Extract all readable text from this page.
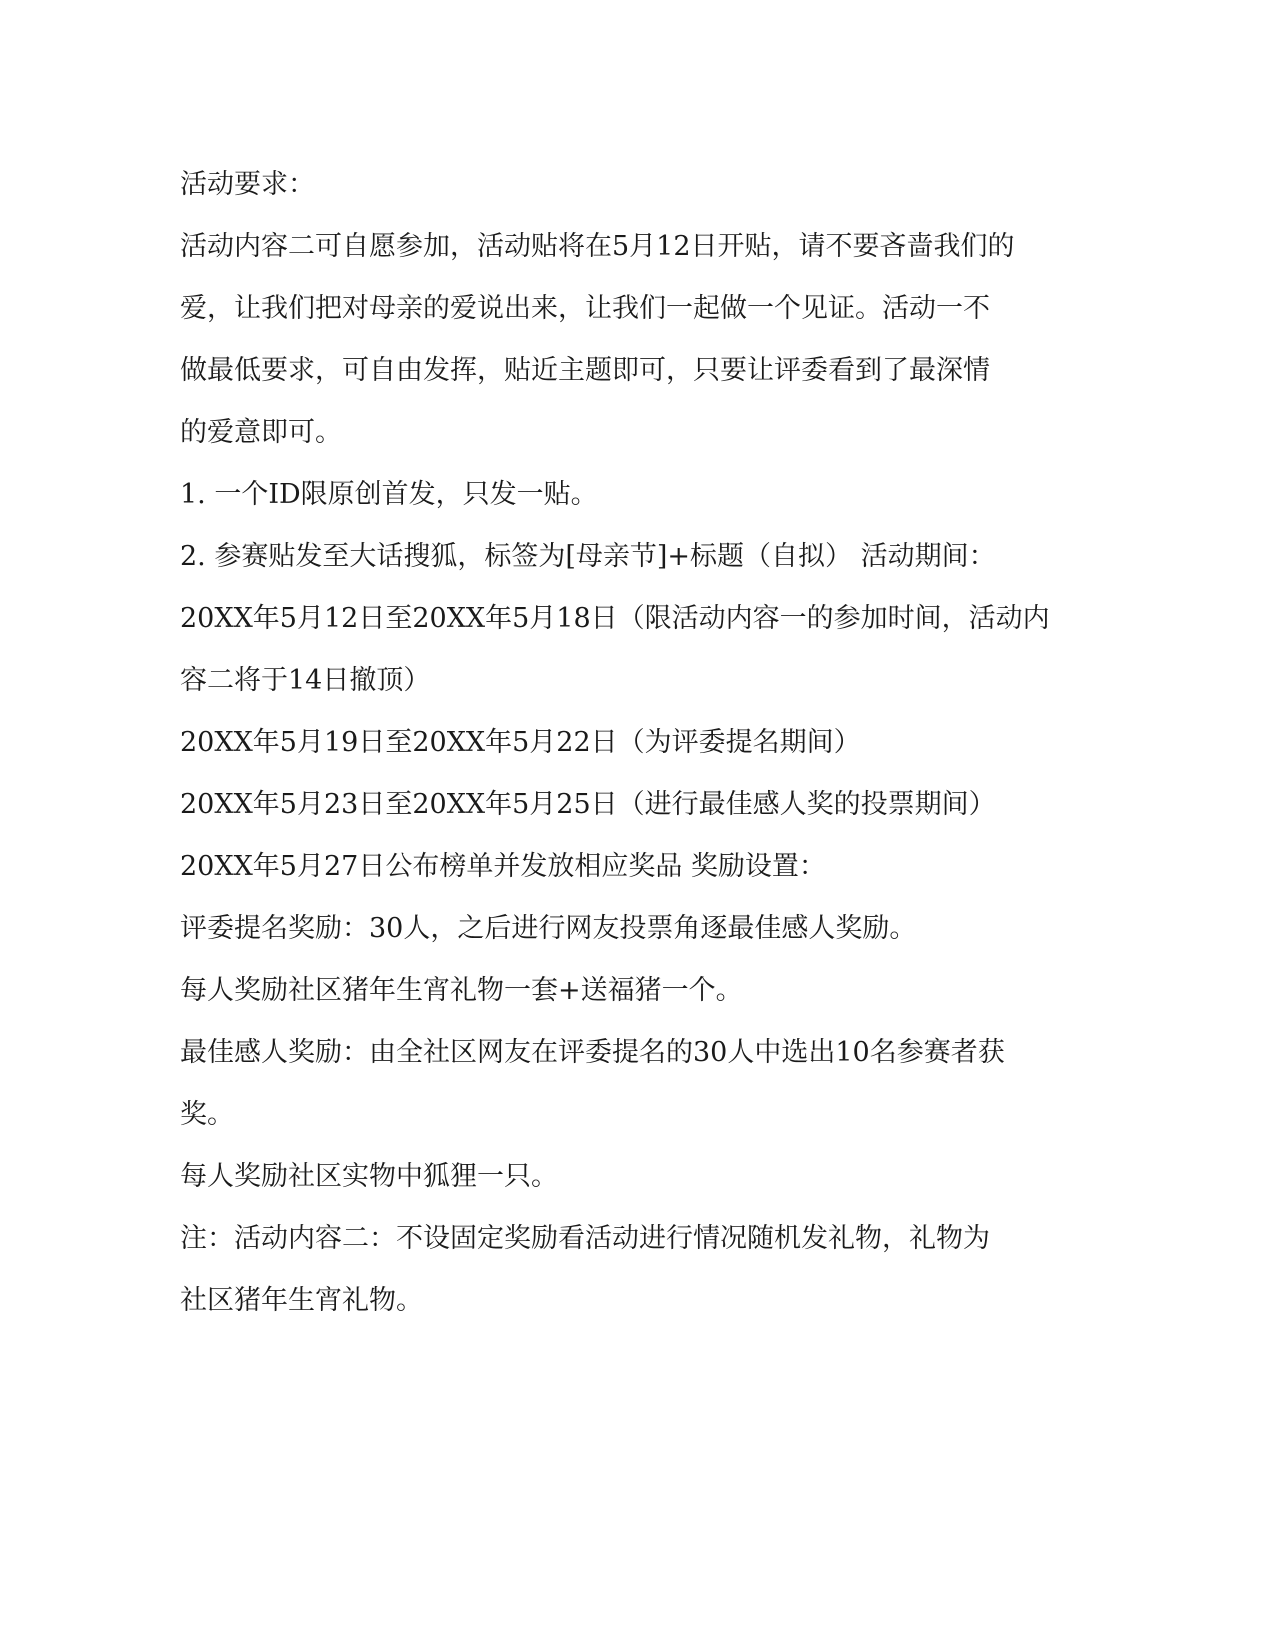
活动要求：
活动内容二可自愿参加，活动贴将在5月12日开贴，请不要吝啬我们的
爱，让我们把对母亲的爱说出来，让我们一起做一个见证。活动一不
做最低要求，可自由发挥，贴近主题即可，只要让评委看到了最深情
的爱意即可。
1. 一个ID限原创首发，只发一贴。
2. 参赛贴发至大话搜狐，标签为[母亲节]+标题（自拟） 活动期间：
20XX年5月12日至20XX年5月18日（限活动内容一的参加时间，活动内
容二将于14日撤顶）
20XX年5月19日至20XX年5月22日（为评委提名期间）
20XX年5月23日至20XX年5月25日（进行最佳感人奖的投票期间）
20XX年5月27日公布榜单并发放相应奖品 奖励设置：
评委提名奖励：30人，之后进行网友投票角逐最佳感人奖励。
每人奖励社区猪年生宵礼物一套+送福猪一个。
最佳感人奖励：由全社区网友在评委提名的30人中选出10名参赛者获
奖。
每人奖励社区实物中狐狸一只。
注：活动内容二：不设固定奖励看活动进行情况随机发礼物，礼物为
社区猪年生宵礼物。
